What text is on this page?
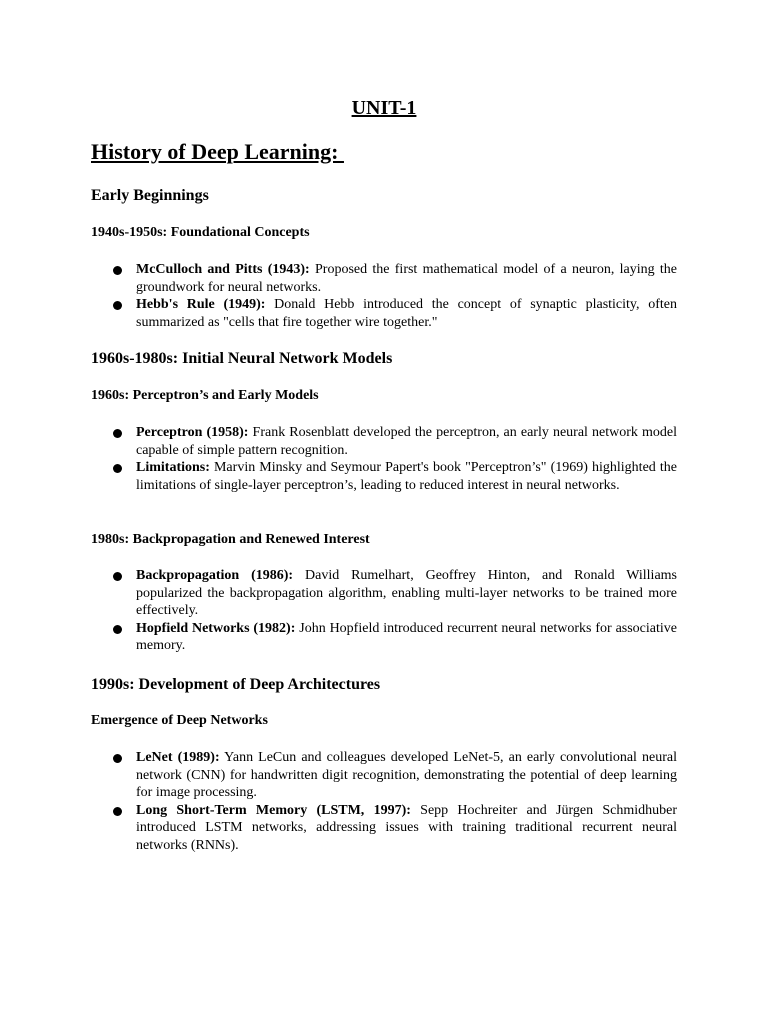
UNIT-1
History of Deep Learning:
Early Beginnings
1940s-1950s: Foundational Concepts
McCulloch and Pitts (1943): Proposed the first mathematical model of a neuron, laying the groundwork for neural networks.
Hebb's Rule (1949): Donald Hebb introduced the concept of synaptic plasticity, often summarized as "cells that fire together wire together."
1960s-1980s: Initial Neural Network Models
1960s: Perceptron’s and Early Models
Perceptron (1958): Frank Rosenblatt developed the perceptron, an early neural network model capable of simple pattern recognition.
Limitations: Marvin Minsky and Seymour Papert's book "Perceptron’s" (1969) highlighted the limitations of single-layer perceptron’s, leading to reduced interest in neural networks.
1980s: Backpropagation and Renewed Interest
Backpropagation (1986): David Rumelhart, Geoffrey Hinton, and Ronald Williams popularized the backpropagation algorithm, enabling multi-layer networks to be trained more effectively.
Hopfield Networks (1982): John Hopfield introduced recurrent neural networks for associative memory.
1990s: Development of Deep Architectures
Emergence of Deep Networks
LeNet (1989): Yann LeCun and colleagues developed LeNet-5, an early convolutional neural network (CNN) for handwritten digit recognition, demonstrating the potential of deep learning for image processing.
Long Short-Term Memory (LSTM, 1997): Sepp Hochreiter and Jürgen Schmidhuber introduced LSTM networks, addressing issues with training traditional recurrent neural networks (RNNs).
